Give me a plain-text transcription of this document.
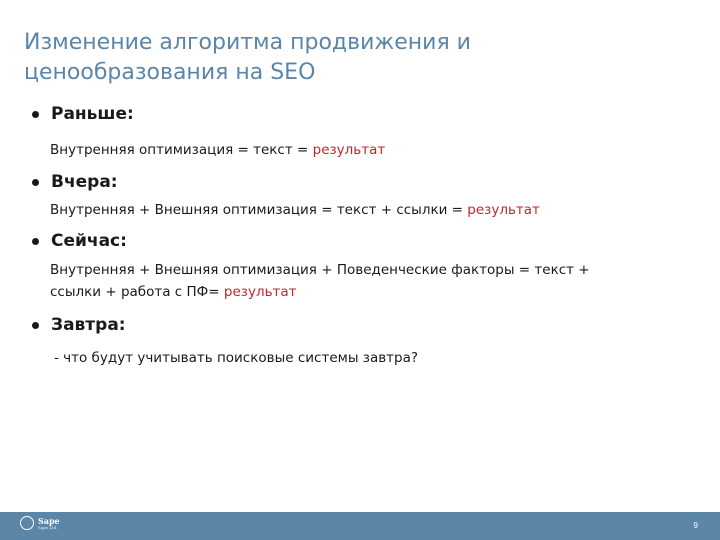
Изменение алгоритма продвижения и
ценообразования на SEO
Раньше:
Внутренняя оптимизация = текст = результат
Вчера:
Внутренняя + Внешняя оптимизация = текст + ссылки = результат
Сейчас:
Внутренняя + Внешняя оптимизация + Поведенческие факторы = текст +
ссылки + работа с ПФ= результат
Завтра:
- что будут учитывать поисковые системы завтра?
Sape
Sape Ltd.	9
